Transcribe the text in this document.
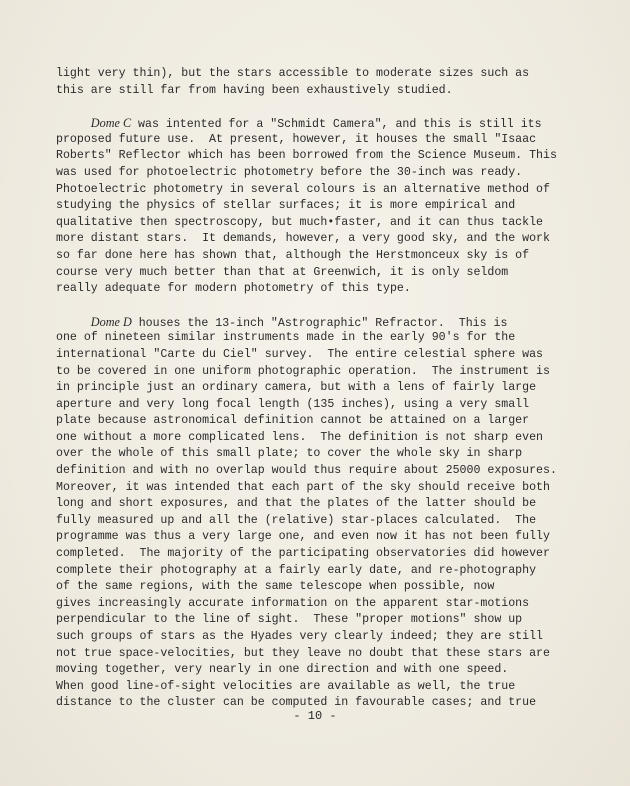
light very thin), but the stars accessible to moderate sizes such as
this are still far from having been exhaustively studied.
Dome C was intented for a "Schmidt Camera", and this is still its
proposed future use.  At present, however, it houses the small "Isaac
Roberts" Reflector which has been borrowed from the Science Museum. This
was used for photoelectric photometry before the 30-inch was ready.
Photoelectric photometry in several colours is an alternative method of
studying the physics of stellar surfaces; it is more empirical and
qualitative then spectroscopy, but much•faster, and it can thus tackle
more distant stars.  It demands, however, a very good sky, and the work
so far done here has shown that, although the Herstmonceux sky is of
course very much better than that at Greenwich, it is only seldom
really adequate for modern photometry of this type.
Dome D houses the 13-inch "Astrographic" Refractor.  This is
one of nineteen similar instruments made in the early 90's for the
international "Carte du Ciel" survey.  The entire celestial sphere was
to be covered in one uniform photographic operation.  The instrument is
in principle just an ordinary camera, but with a lens of fairly large
aperture and very long focal length (135 inches), using a very small
plate because astronomical definition cannot be attained on a larger
one without a more complicated lens.  The definition is not sharp even
over the whole of this small plate; to cover the whole sky in sharp
definition and with no overlap would thus require about 25000 exposures.
Moreover, it was intended that each part of the sky should receive both
long and short exposures, and that the plates of the latter should be
fully measured up and all the (relative) star-places calculated.  The
programme was thus a very large one, and even now it has not been fully
completed.  The majority of the participating observatories did however
complete their photography at a fairly early date, and re-photography
of the same regions, with the same telescope when possible, now
gives increasingly accurate information on the apparent star-motions
perpendicular to the line of sight.  These "proper motions" show up
such groups of stars as the Hyades very clearly indeed; they are still
not true space-velocities, but they leave no doubt that these stars are
moving together, very nearly in one direction and with one speed.
When good line-of-sight velocities are available as well, the true
distance to the cluster can be computed in favourable cases; and true
- 10 -
